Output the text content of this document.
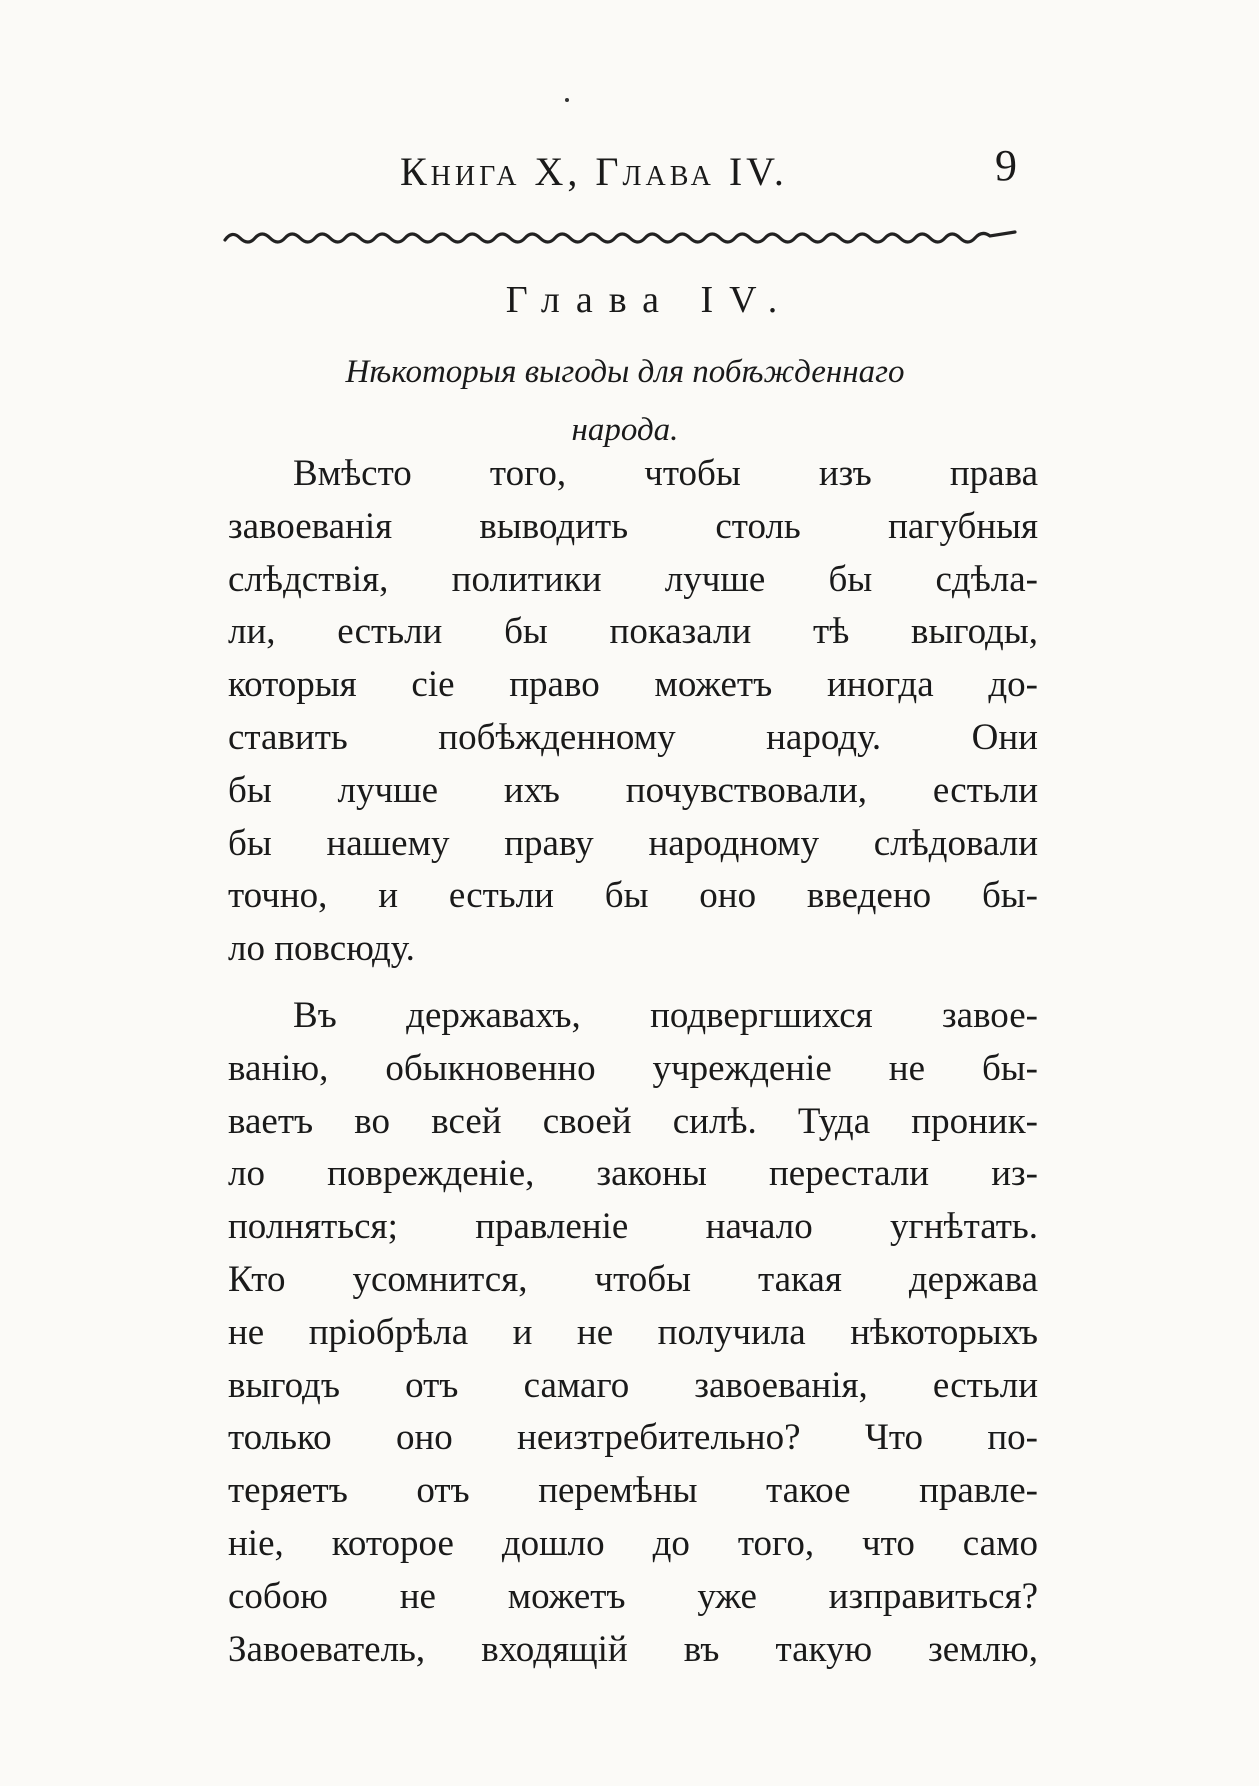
Книга X, Глава IV.	9
Глава IV.
Нѣкоторыя выгоды для побѣжденнаго
народа.

Вмѣсто того, чтобы изъ права
завоеванія выводить столь пагубныя
слѣдствія, политики лучше бы сдѣла-
ли, естьли бы показали тѣ выгоды,
которыя сіе право можетъ иногда до-
ставить побѣжденному народу. Они
бы лучше ихъ почувствовали, естьли
бы нашему праву народному слѣдовали
точно, и естьли бы оно введено бы-
ло повсюду.

Въ державахъ, подвергшихся завое-
ванію, обыкновенно учрежденіе не бы-
ваетъ во всей своей силѣ. Туда проник-
ло поврежденіе, законы перестали из-
полняться; правленіе начало угнѣтать.
Кто усомнится, чтобы такая держава
не пріобрѣла и не получила нѣкоторыхъ
выгодъ отъ самаго завоеванія, естьли
только оно неизтребительно? Что по-
теряетъ отъ перемѣны такое правле-
ніе, которое дошло до того, что само
собою не можетъ уже изправиться?
Завоеватель, входящій въ такую землю,
